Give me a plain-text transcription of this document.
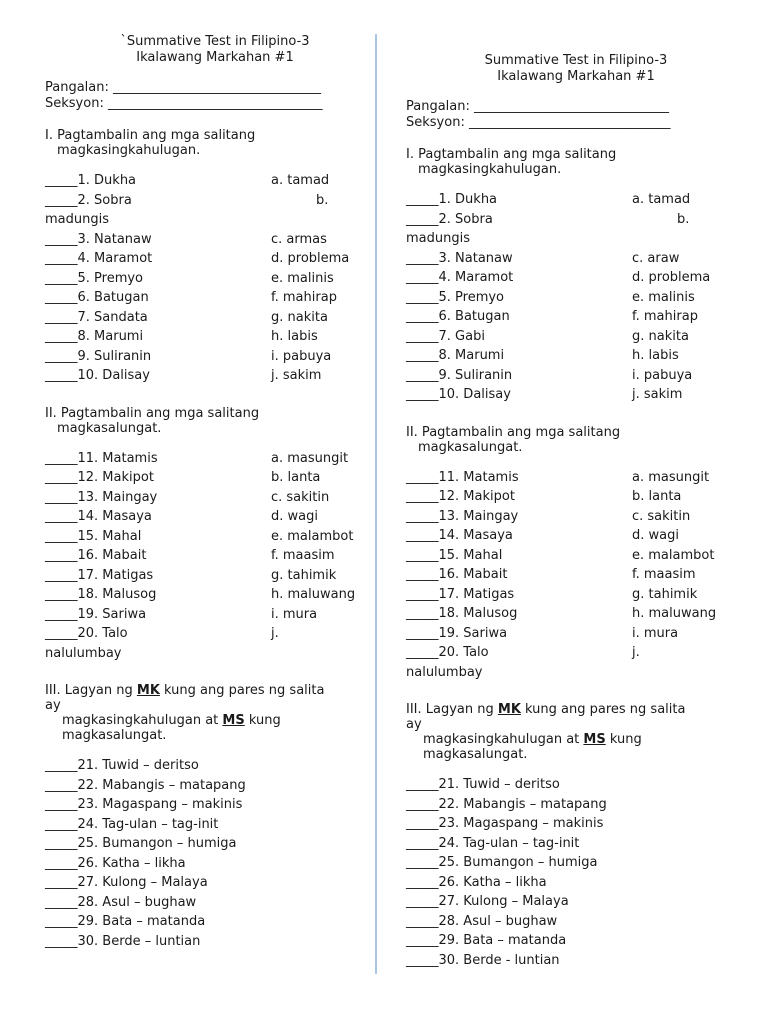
`Summative Test in Filipino-3
Ikalawang Markahan #1
Pangalan: ________________________________
Seksyon: _________________________________
I. Pagtambalin ang mga salitang
magkasingkahulugan.
_____1. Dukha	a. tamad
_____2. Sobra	b.
madungis
_____3. Natanaw	c. armas
_____4. Maramot	d. problema
_____5. Premyo	e. malinis
_____6. Batugan	f. mahirap
_____7. Sandata	g. nakita
_____8. Marumi	h. labis
_____9. Suliranin	i. pabuya
_____10. Dalisay	j. sakim
II. Pagtambalin ang mga salitang
magkasalungat.
_____11. Matamis	a. masungit
_____12. Makipot	b. lanta
_____13. Maingay	c. sakitin
_____14. Masaya	d. wagi
_____15. Mahal	e. malambot
_____16. Mabait	f. maasim
_____17. Matigas	g. tahimik
_____18. Malusog	h. maluwang
_____19. Sariwa	i. mura
_____20. Talo	j.
nalulumbay
III. Lagyan ng MK kung ang pares ng salita
ay
magkasingkahulugan at MS kung
magkasalungat.
_____21. Tuwid – deritso
_____22. Mabangis – matapang
_____23. Magaspang – makinis
_____24. Tag-ulan – tag-init
_____25. Bumangon – humiga
_____26. Katha – likha
_____27. Kulong – Malaya
_____28. Asul – bughaw
_____29. Bata – matanda
_____30. Berde – luntian
Summative Test in Filipino-3
Ikalawang Markahan #1
Pangalan: ______________________________
Seksyon: _______________________________
I. Pagtambalin ang mga salitang
magkasingkahulugan.
_____1. Dukha	a. tamad
_____2. Sobra	b.
madungis
_____3. Natanaw	c. araw
_____4. Maramot	d. problema
_____5. Premyo	e. malinis
_____6. Batugan	f. mahirap
_____7. Gabi	g. nakita
_____8. Marumi	h. labis
_____9. Suliranin	i. pabuya
_____10. Dalisay	j. sakim
II. Pagtambalin ang mga salitang
magkasalungat.
_____11. Matamis	a. masungit
_____12. Makipot	b. lanta
_____13. Maingay	c. sakitin
_____14. Masaya	d. wagi
_____15. Mahal	e. malambot
_____16. Mabait	f. maasim
_____17. Matigas	g. tahimik
_____18. Malusog	h. maluwang
_____19. Sariwa	i. mura
_____20. Talo	j.
nalulumbay
III. Lagyan ng MK kung ang pares ng salita
ay
magkasingkahulugan at MS kung
magkasalungat.
_____21. Tuwid – deritso
_____22. Mabangis – matapang
_____23. Magaspang – makinis
_____24. Tag-ulan – tag-init
_____25. Bumangon – humiga
_____26. Katha – likha
_____27. Kulong – Malaya
_____28. Asul – bughaw
_____29. Bata – matanda
_____30. Berde - luntian
